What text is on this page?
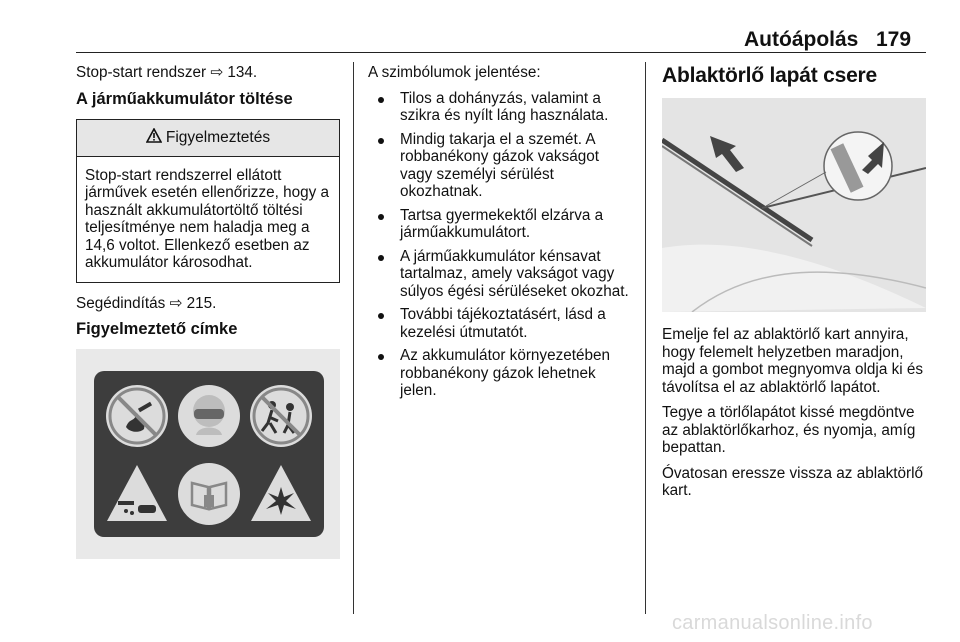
Autóápolás 179

Stop-start rendszer ⇨ 134.

A járműakkumulátor töltése

Figyelmeztetés
Stop-start rendszerrel ellátott járművek esetén ellenőrizze, hogy a használt akkumulátortöltő töltési teljesítménye nem haladja meg a 14,6 voltot. Ellenkező esetben az akkumulátor károsodhat.

Segédindítás ⇨ 215.

Figyelmeztető címke

A szimbólumok jelentése:

Tilos a dohányzás, valamint a szikra és nyílt láng használata.
Mindig takarja el a szemét. A robbanékony gázok vakságot vagy személyi sérülést okozhatnak.
Tartsa gyermekektől elzárva a járműakkumulátort.
A járműakkumulátor kénsavat tartalmaz, amely vakságot vagy súlyos égési sérüléseket okozhat.
További tájékoztatásért, lásd a kezelési útmutatót.
Az akkumulátor környezetében robbanékony gázok lehetnek jelen.

Ablaktörlő lapát csere

Emelje fel az ablaktörlő kart annyira, hogy felemelt helyzetben maradjon, majd a gombot megnyomva oldja ki és távolítsa el az ablaktörlő lapátot.

Tegye a törlőlapátot kissé megdöntve az ablaktörlőkarhoz, és nyomja, amíg bepattan.

Óvatosan eressze vissza az ablaktörlő kart.

carmanualsonline.info
